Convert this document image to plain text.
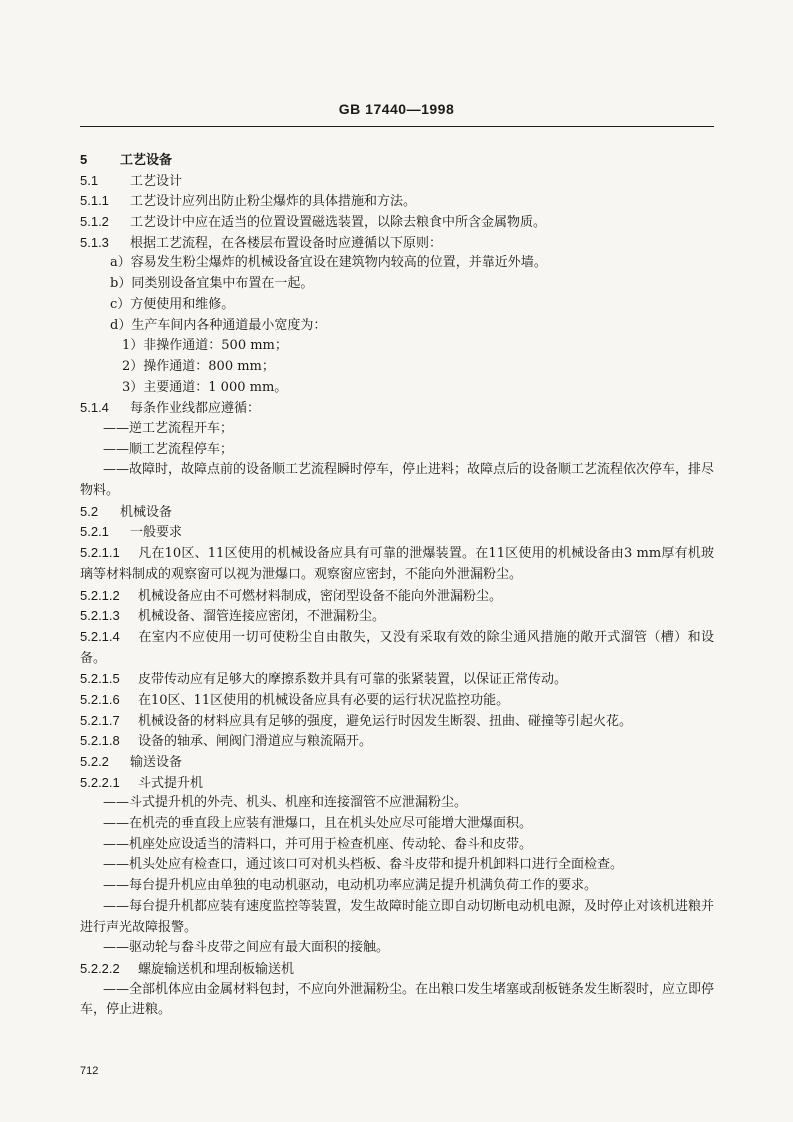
GB 17440—1998
5	工艺设备
5.1 工艺设计
5.1.1 工艺设计应列出防止粉尘爆炸的具体措施和方法。
5.1.2 工艺设计中应在适当的位置设置磁选装置，以除去粮食中所含金属物质。
5.1.3 根据工艺流程，在各楼层布置设备时应遵循以下原则：
a）容易发生粉尘爆炸的机械设备宜设在建筑物内较高的位置，并靠近外墙。
b）同类别设备宜集中布置在一起。
c）方便使用和维修。
d）生产车间内各种通道最小宽度为：
1）非操作通道：500 mm；
2）操作通道：800 mm；
3）主要通道：1 000 mm。
5.1.4 每条作业线都应遵循：
——逆工艺流程开车；
——顺工艺流程停车；
——故障时，故障点前的设备顺工艺流程瞬时停车，停止进料；故障点后的设备顺工艺流程依次停车，排尽物料。
5.2 机械设备
5.2.1 一般要求
5.2.1.1 凡在10区、11区使用的机械设备应具有可靠的泄爆装置。在11区使用的机械设备由3 mm厚有机玻璃等材料制成的观察窗可以视为泄爆口。观察窗应密封，不能向外泄漏粉尘。
5.2.1.2 机械设备应由不可燃材料制成，密闭型设备不能向外泄漏粉尘。
5.2.1.3 机械设备、溜管连接应密闭，不泄漏粉尘。
5.2.1.4 在室内不应使用一切可使粉尘自由散失，又没有采取有效的除尘通风措施的敞开式溜管（槽）和设备。
5.2.1.5 皮带传动应有足够大的摩擦系数并具有可靠的张紧装置，以保证正常传动。
5.2.1.6 在10区、11区使用的机械设备应具有必要的运行状况监控功能。
5.2.1.7 机械设备的材料应具有足够的强度，避免运行时因发生断裂、扭曲、碰撞等引起火花。
5.2.1.8 设备的轴承、闸阀门滑道应与粮流隔开。
5.2.2 输送设备
5.2.2.1 斗式提升机
——斗式提升机的外壳、机头、机座和连接溜管不应泄漏粉尘。
——在机壳的垂直段上应装有泄爆口，且在机头处应尽可能增大泄爆面积。
——机座处应设适当的清料口，并可用于检查机座、传动轮、畚斗和皮带。
——机头处应有检查口，通过该口可对机头档板、畚斗皮带和提升机卸料口进行全面检查。
——每台提升机应由单独的电动机驱动，电动机功率应满足提升机满负荷工作的要求。
——每台提升机都应装有速度监控等装置，发生故障时能立即自动切断电动机电源，及时停止对该机进粮并进行声光故障报警。
——驱动轮与畚斗皮带之间应有最大面积的接触。
5.2.2.2 螺旋输送机和埋刮板输送机
——全部机体应由金属材料包封，不应向外泄漏粉尘。在出粮口发生堵塞或刮板链条发生断裂时，应立即停车，停止进粮。
712
